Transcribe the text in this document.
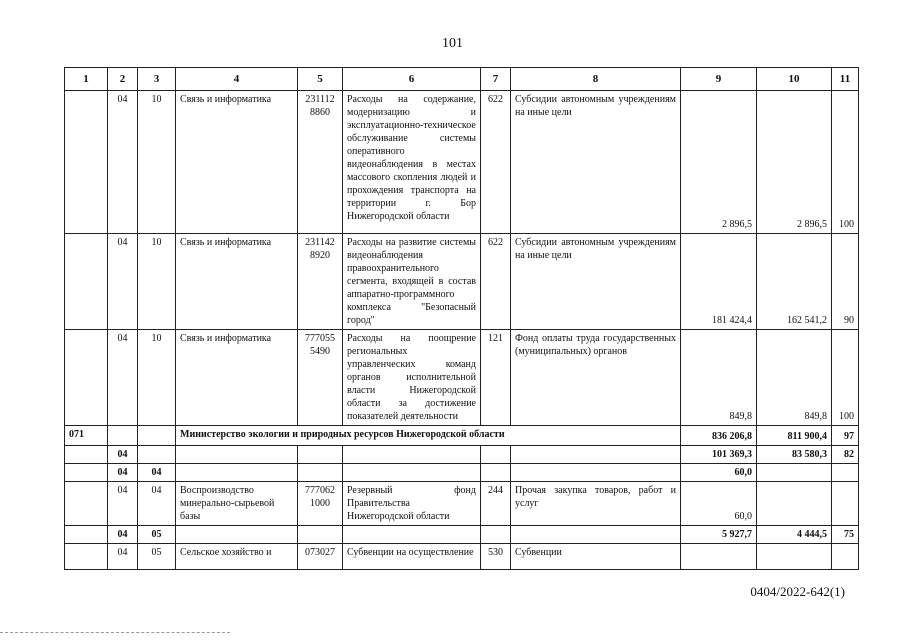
101
1	2	3	4	5	6	7	8	9	10	11
	04	10	Связь и информатика	231112 8860	Расходы на содержание, модернизацию и эксплуатационно-техническое обслуживание системы оперативного видеонаблюдения в местах массового скопления людей и прохождения транспорта на территории г. Бор Нижегородской области	622	Субсидии автономным учреждениям на иные цели	2 896,5	2 896,5	100
	04	10	Связь и информатика	231142 8920	Расходы на развитие системы видеонаблюдения правоохранительного сегмента, входящей в состав аппаратно-программного комплекса "Безопасный город"	622	Субсидии автономным учреждениям на иные цели	181 424,4	162 541,2	90
	04	10	Связь и информатика	777055 5490	Расходы на поощрение региональных управленческих команд органов исполнительной власти Нижегородской области за достижение показателей деятельности	121	Фонд оплаты труда государственных (муниципальных) органов	849,8	849,8	100
071			Министерство экологии и природных ресурсов Нижегородской области					836 206,8	811 900,4	97
	04							101 369,3	83 580,3	82
	04	04						60,0		
	04	04	Воспроизводство минерально-сырьевой базы	777062 1000	Резервный фонд Правительства Нижегородской области	244	Прочая закупка товаров, работ и услуг	60,0		
	04	05						5 927,7	4 444,5	75
	04	05	Сельское хозяйство и	073027	Субвенции на осуществление	530	Субвенции			
0404/2022-642(1)
